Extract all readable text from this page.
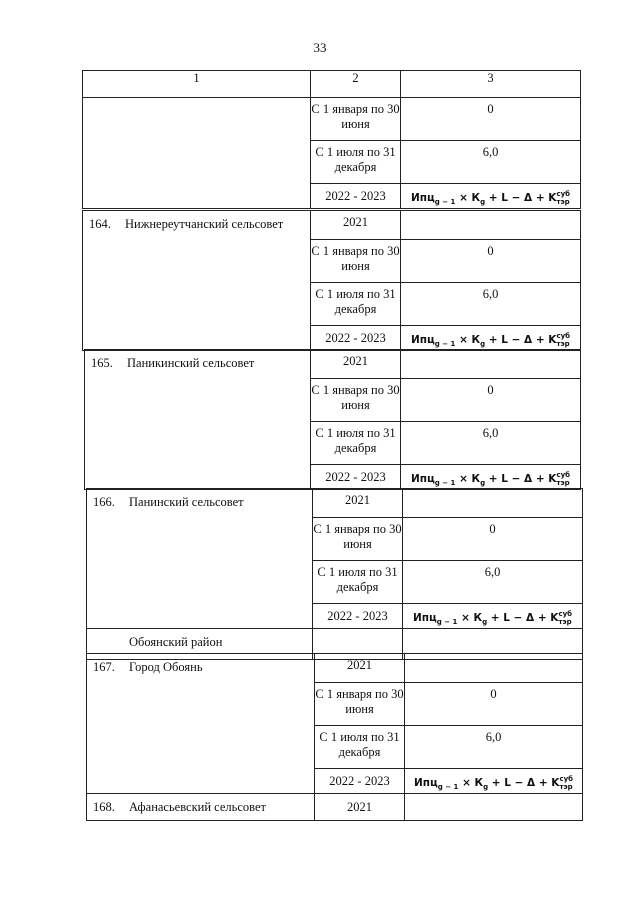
33
1	2	3
	С 1 января по 30 июня	0
	С 1 июля по 31 декабря	6,0
	2022 - 2023	$Ипц_{g - 1} \times К_g + L - \Delta + K$ суб
тэр
164. Нижнереутчанский сельсовет	2021	
	С 1 января по 30 июня	0
	С 1 июля по 31 декабря	6,0
	2022 - 2023	$Ипц_{g - 1} \times К_g + L - \Delta + K$ суб
тэр
165. Паникинский сельсовет	2021	
	С 1 января по 30 июня	0
	С 1 июля по 31 декабря	6,0
	2022 - 2023	$Ипц_{g - 1} \times К_g + L - \Delta + K$ суб
тэр
166. Панинский сельсовет	2021	
	С 1 января по 30 июня	0
	С 1 июля по 31 декабря	6,0
	2022 - 2023	$Ипц_{g - 1} \times К_g + L - \Delta + K$ суб
тэр

Обоянский район		
167. Город Обоянь	2021	
	С 1 января по 30 июня	0
	С 1 июля по 31 декабря	6,0
	2022 - 2023	$Ипц_{g - 1} \times К_g + L - \Delta + K$ суб
тэр

168. Афанасьевский сельсовет	2021	
